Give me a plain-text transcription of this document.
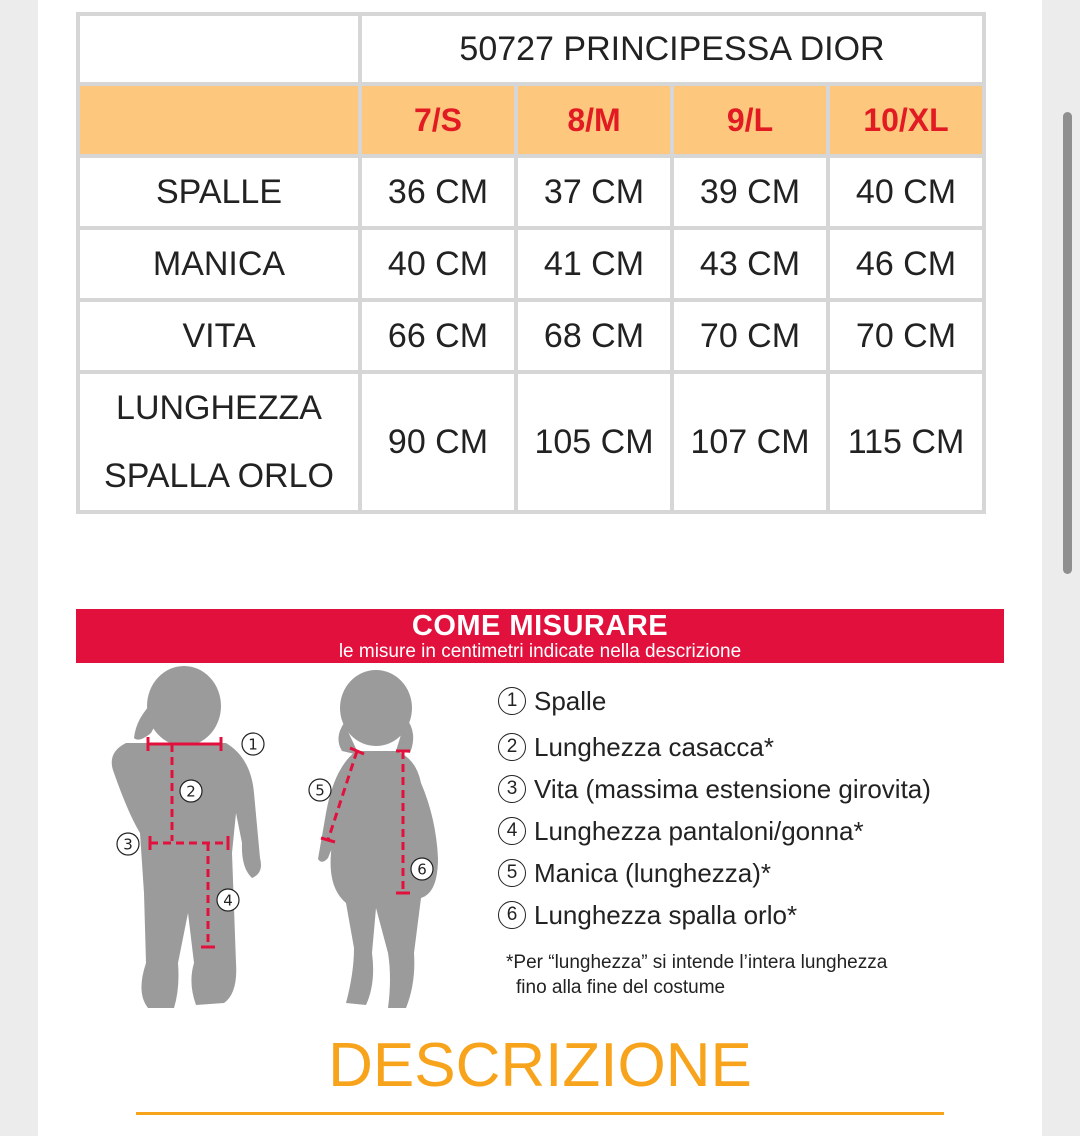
	50727 PRINCIPESSA DIOR			
	7/S	8/M	9/L	10/XL
SPALLE	36 CM	37 CM	39 CM	40 CM
MANICA	40 CM	41 CM	43 CM	46 CM
VITA	66 CM	68 CM	70 CM	70 CM

LUNGHEZZA
SPALLA ORLO	90 CM	105 CM	107 CM	115 CM
COME MISURARE
le misure in centimetri indicate nella descrizione
1
2
3
4
5
6
1 Spalle
2 Lunghezza casacca*
3 Vita (massima estensione girovita)
4 Lunghezza pantaloni/gonna*
5 Manica (lunghezza)*
6 Lunghezza spalla orlo*
*Per “lunghezza” si intende l’intera lunghezza
fino alla fine del costume
DESCRIZIONE
